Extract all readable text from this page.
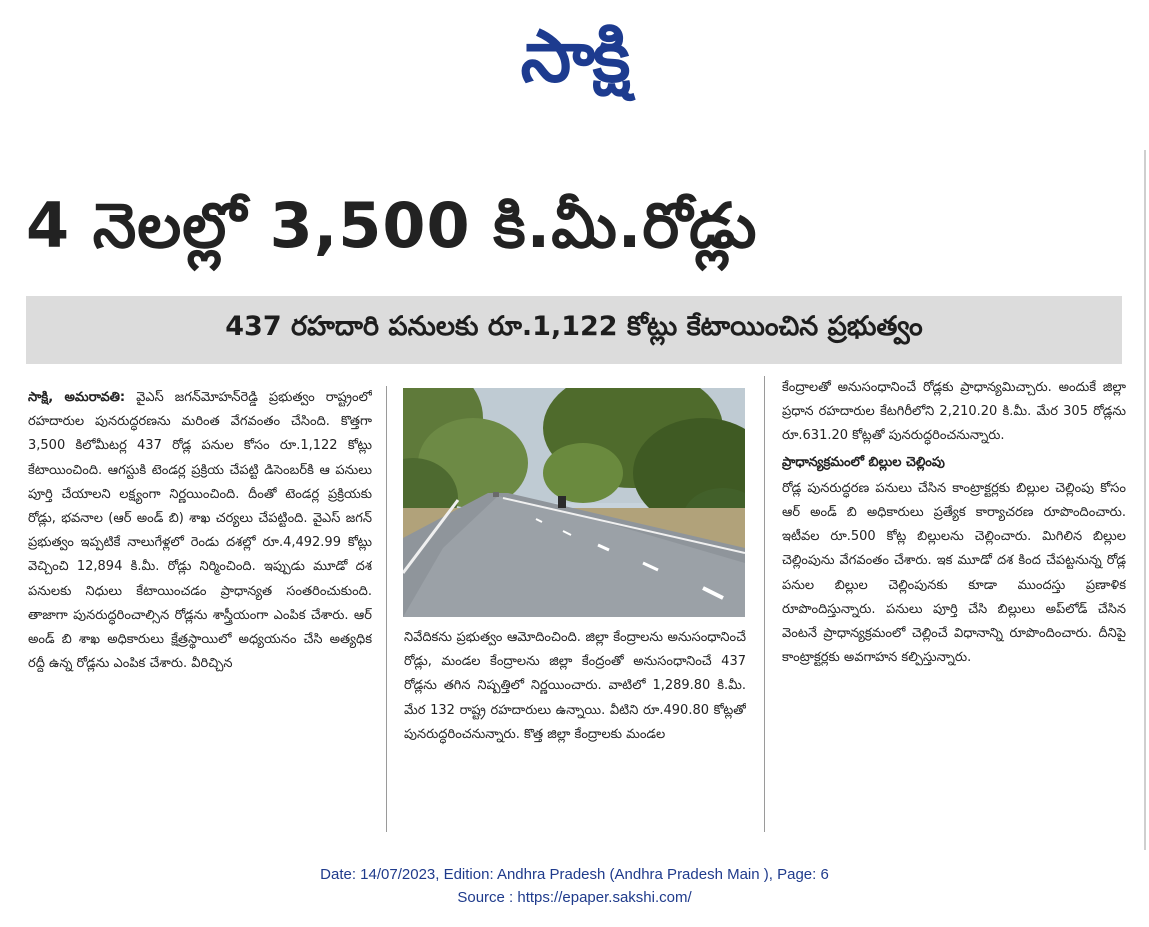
సాక్షి
4 నెలల్లో 3,500 కి.మీ.రోడ్లు
437 రహదారి పనులకు రూ.1,122 కోట్లు కేటాయించిన ప్రభుత్వం

సాక్షి, అమరావతి: వైఎస్ జగన్‌మోహన్‌రెడ్డి ప్రభుత్వం రాష్ట్రంలో రహదారుల పునరుద్ధరణను మరింత వేగవంతం చేసింది. కొత్తగా 3,500 కిలోమీటర్ల 437 రోడ్ల పనుల కోసం రూ.1,122 కోట్లు కేటాయించింది. ఆగస్టుకి టెండర్ల ప్రక్రియ చేపట్టి డిసెంబర్‌కి ఆ పనులు పూర్తి చేయాలని లక్ష్యంగా నిర్ణయించింది. దీంతో టెండర్ల ప్రక్రియకు రోడ్లు, భవనాల (ఆర్ అండ్ బి) శాఖ చర్యలు చేపట్టింది. వైఎస్ జగన్ ప్రభుత్వం ఇప్పటికే నాలుగేళ్లలో రెండు దశల్లో రూ.4,492.99 కోట్లు వెచ్చించి 12,894 కి.మీ. రోడ్లు నిర్మించింది. ఇప్పుడు మూడో దశ పనులకు నిధులు కేటాయించడం ప్రాధాన్యత సంతరించుకుంది. తాజాగా పునరుద్ధరించాల్సిన రోడ్లను శాస్త్రీయంగా ఎంపిక చేశారు. ఆర్ అండ్ బి శాఖ అధికారులు క్షేత్రస్థాయిలో అధ్యయనం చేసి అత్యధిక రద్దీ ఉన్న రోడ్లను ఎంపిక చేశారు. వీరిచ్చిన

నివేదికను ప్రభుత్వం ఆమోదించింది. జిల్లా కేంద్రాలను అనుసంధానించే రోడ్లు, మండల కేంద్రాలను జిల్లా కేంద్రంతో అనుసంధానించే 437 రోడ్లను తగిన నిష్పత్తిలో నిర్ణయించారు. వాటిలో 1,289.80 కి.మీ. మేర 132 రాష్ట్ర రహదారులు ఉన్నాయి. వీటిని రూ.490.80 కోట్లతో పునరుద్ధరించనున్నారు. కొత్త జిల్లా కేంద్రాలకు మండల

కేంద్రాలతో అనుసంధానించే రోడ్లకు ప్రాధాన్యమిచ్చారు. అందుకే జిల్లా ప్రధాన రహదారుల కేటగిరీలోని 2,210.20 కి.మీ. మేర 305 రోడ్లను రూ.631.20 కోట్లతో పునరుద్ధరించనున్నారు.

ప్రాధాన్యక్రమంలో బిల్లుల చెల్లింపు

రోడ్ల పునరుద్ధరణ పనులు చేసిన కాంట్రాక్టర్లకు బిల్లుల చెల్లింపు కోసం ఆర్ అండ్ బి అధికారులు ప్రత్యేక కార్యాచరణ రూపొందించారు. ఇటీవల రూ.500 కోట్ల బిల్లులను చెల్లించారు. మిగిలిన బిల్లుల చెల్లింపును వేగవంతం చేశారు. ఇక మూడో దశ కింద చేపట్టనున్న రోడ్ల పనుల బిల్లుల చెల్లింపునకు కూడా ముందస్తు ప్రణాళిక రూపొందిస్తున్నారు. పనులు పూర్తి చేసి బిల్లులు అప్‌లోడ్ చేసిన వెంటనే ప్రాధాన్యక్రమంలో చెల్లించే విధానాన్ని రూపొందించారు. దీనిపై కాంట్రాక్టర్లకు అవగాహన కల్పిస్తున్నారు.

Date: 14/07/2023, Edition: Andhra Pradesh (Andhra Pradesh Main ), Page: 6
Source : https://epaper.sakshi.com/
